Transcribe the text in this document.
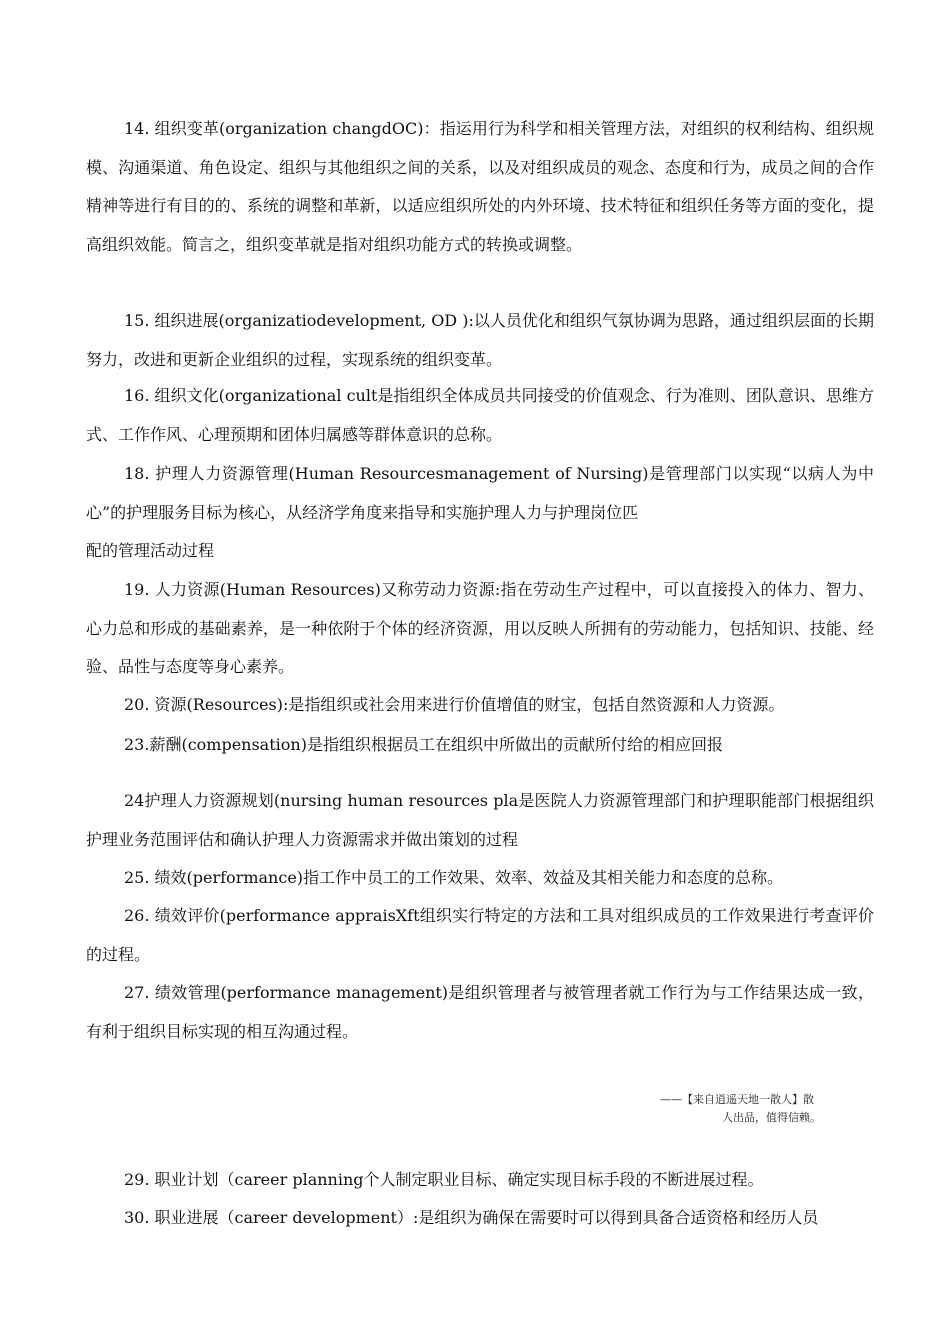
14. 组织变革(organization changdOC)：指运用行为科学和相关管理方法，对组织的权利结构、组织规模、沟通渠道、角色设定、组织与其他组织之间的关系，以及对组织成员的观念、态度和行为，成员之间的合作精神等进行有目的的、系统的调整和革新，以适应组织所处的内外环境、技术特征和组织任务等方面的变化，提高组织效能。简言之，组织变革就是指对组织功能方式的转换或调整。

15. 组织进展(organizatiodevelopment, OD ):以人员优化和组织气氛协调为思路，通过组织层面的长期努力，改进和更新企业组织的过程，实现系统的组织变革。

16. 组织文化(organizational cult是指组织全体成员共同接受的价值观念、行为准则、团队意识、思维方式、工作作风、心理预期和团体归属感等群体意识的总称。

18. 护理人力资源管理(Human Resourcesmanagement of Nursing)是管理部门以实现“以病人为中心”的护理服务目标为核心，从经济学角度来指导和实施护理人力与护理岗位匹

配的管理活动过程

19. 人力资源(Human Resources)又称劳动力资源:指在劳动生产过程中，可以直接投入的体力、智力、心力总和形成的基础素养，是一种依附于个体的经济资源，用以反映人所拥有的劳动能力，包括知识、技能、经验、品性与态度等身心素养。

20. 资源(Resources):是指组织或社会用来进行价值增值的财宝，包括自然资源和人力资源。

23.薪酬(compensation)是指组织根据员工在组织中所做出的贡献所付给的相应回报

24护理人力资源规划(nursing human resources pla是医院人力资源管理部门和护理职能部门根据组织护理业务范围评估和确认护理人力资源需求并做出策划的过程

25. 绩效(performance)指工作中员工的工作效果、效率、效益及其相关能力和态度的总称。

26. 绩效评价(performance appraisXft组织实行特定的方法和工具对组织成员的工作效果进行考查评价的过程。

27. 绩效管理(performance management)是组织管理者与被管理者就工作行为与工作结果达成一致，有利于组织目标实现的相互沟通过程。

——【来自逍遥天地一散人】散
人出品，值得信赖。

29. 职业计划（career planning个人制定职业目标、确定实现目标手段的不断进展过程。

30. 职业进展（career development）:是组织为确保在需要时可以得到具备合适资格和经历人员
